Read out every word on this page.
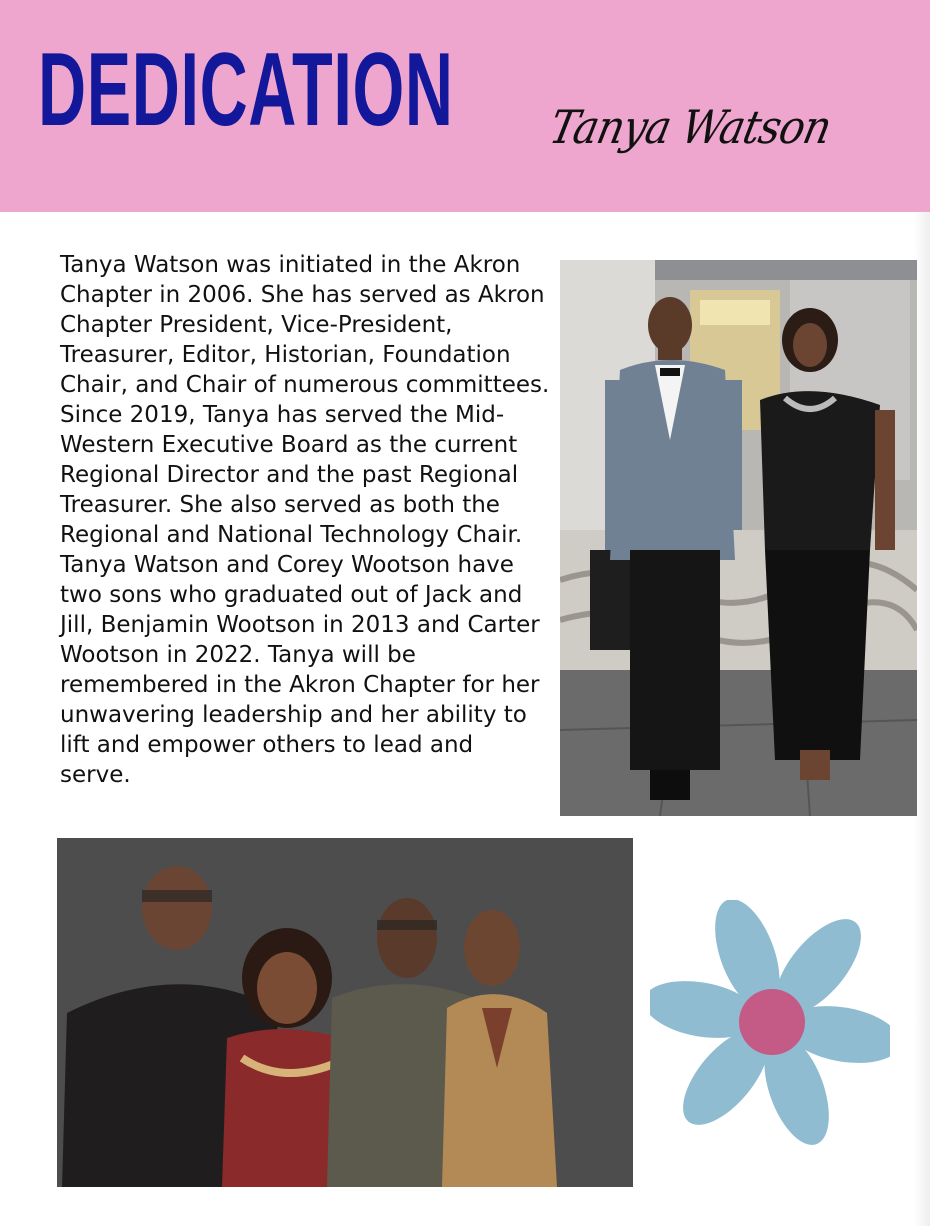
DEDICATION Tanya Watson

Tanya Watson was initiated in the Akron Chapter in 2006. She has served as Akron Chapter President, Vice-President, Treasurer, Editor, Historian, Foundation Chair, and Chair of numerous committees.

Since 2019, Tanya has served the Mid-Western Executive Board as the current Regional Director and the past Regional Treasurer. She also served as both the Regional and National Technology Chair. Tanya Watson and Corey Wootson have two sons who graduated out of Jack and Jill, Benjamin Wootson in 2013 and Carter Wootson in 2022. Tanya will be remembered in the Akron Chapter for her unwavering leadership and her ability to lift and empower others to lead and serve.
